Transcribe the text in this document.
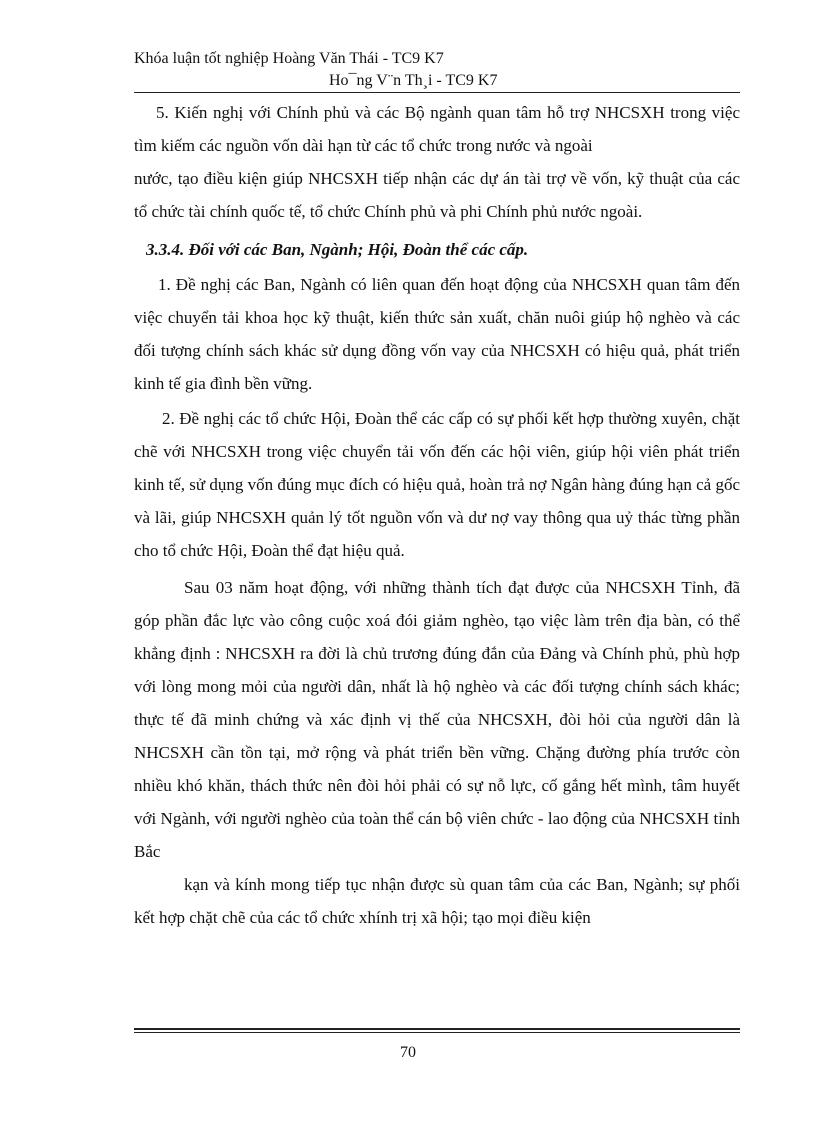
Khóa luận tốt nghiệp Hoàng Văn Thái - TC9 K7
Ho¯ng V¨n Th¸i - TC9 K7

5. Kiến nghị với Chính phủ và các Bộ ngành quan tâm hỗ trợ NHCSXH trong việc tìm kiếm các nguồn vốn dài hạn từ các tổ chức trong nước và ngoài

nước, tạo điều kiện giúp NHCSXH tiếp nhận các dự án tài trợ về vốn, kỹ thuật của các tổ chức tài chính quốc tế, tổ chức Chính phủ và phi Chính phủ nước ngoài.

3.3.4. Đối với các Ban, Ngành; Hội, Đoàn thể các cấp.

1. Đề nghị các Ban, Ngành có liên quan đến hoạt động của NHCSXH quan tâm đến việc chuyển tải khoa học kỹ thuật, kiến thức sản xuất, chăn nuôi giúp hộ nghèo và các đối tượng chính sách khác sử dụng đồng vốn vay của NHCSXH có hiệu quả, phát triển kinh tế gia đình bền vững.

2. Đề nghị các tổ chức Hội, Đoàn thể các cấp có sự phối kết hợp thường xuyên, chặt chẽ với NHCSXH trong việc chuyển tải vốn đến các hội viên, giúp hội viên phát triển kinh tế, sử dụng vốn đúng mục đích có hiệu quả, hoàn trả nợ Ngân hàng đúng hạn cả gốc và lãi, giúp NHCSXH quản lý tốt nguồn vốn và dư nợ vay thông qua uỷ thác từng phần cho tổ chức Hội, Đoàn thể đạt hiệu quả.

Sau 03 năm hoạt động, với những thành tích đạt được của NHCSXH Tỉnh, đã góp phần đắc lực vào công cuộc xoá đói giảm nghèo, tạo việc làm trên địa bàn, có thể khẳng định : NHCSXH ra đời là chủ trương đúng đắn của Đảng và Chính phủ, phù hợp với lòng mong mỏi của người dân, nhất là hộ nghèo và các đối tượng chính sách khác; thực tế đã minh chứng và xác định vị thế của NHCSXH, đòi hỏi của người dân là NHCSXH cần tồn tại, mở rộng và phát triển bền vững. Chặng đường phía trước còn nhiều khó khăn, thách thức nên đòi hỏi phải có sự nỗ lực, cố gắng hết mình, tâm huyết với Ngành, với người nghèo của toàn thể cán bộ viên chức - lao động của NHCSXH tỉnh Bắc

kạn và kính mong tiếp tục nhận được sù quan tâm của các Ban, Ngành; sự phối kết hợp chặt chẽ của các tổ chức xhính trị xã hội; tạo mọi điều kiện

70
